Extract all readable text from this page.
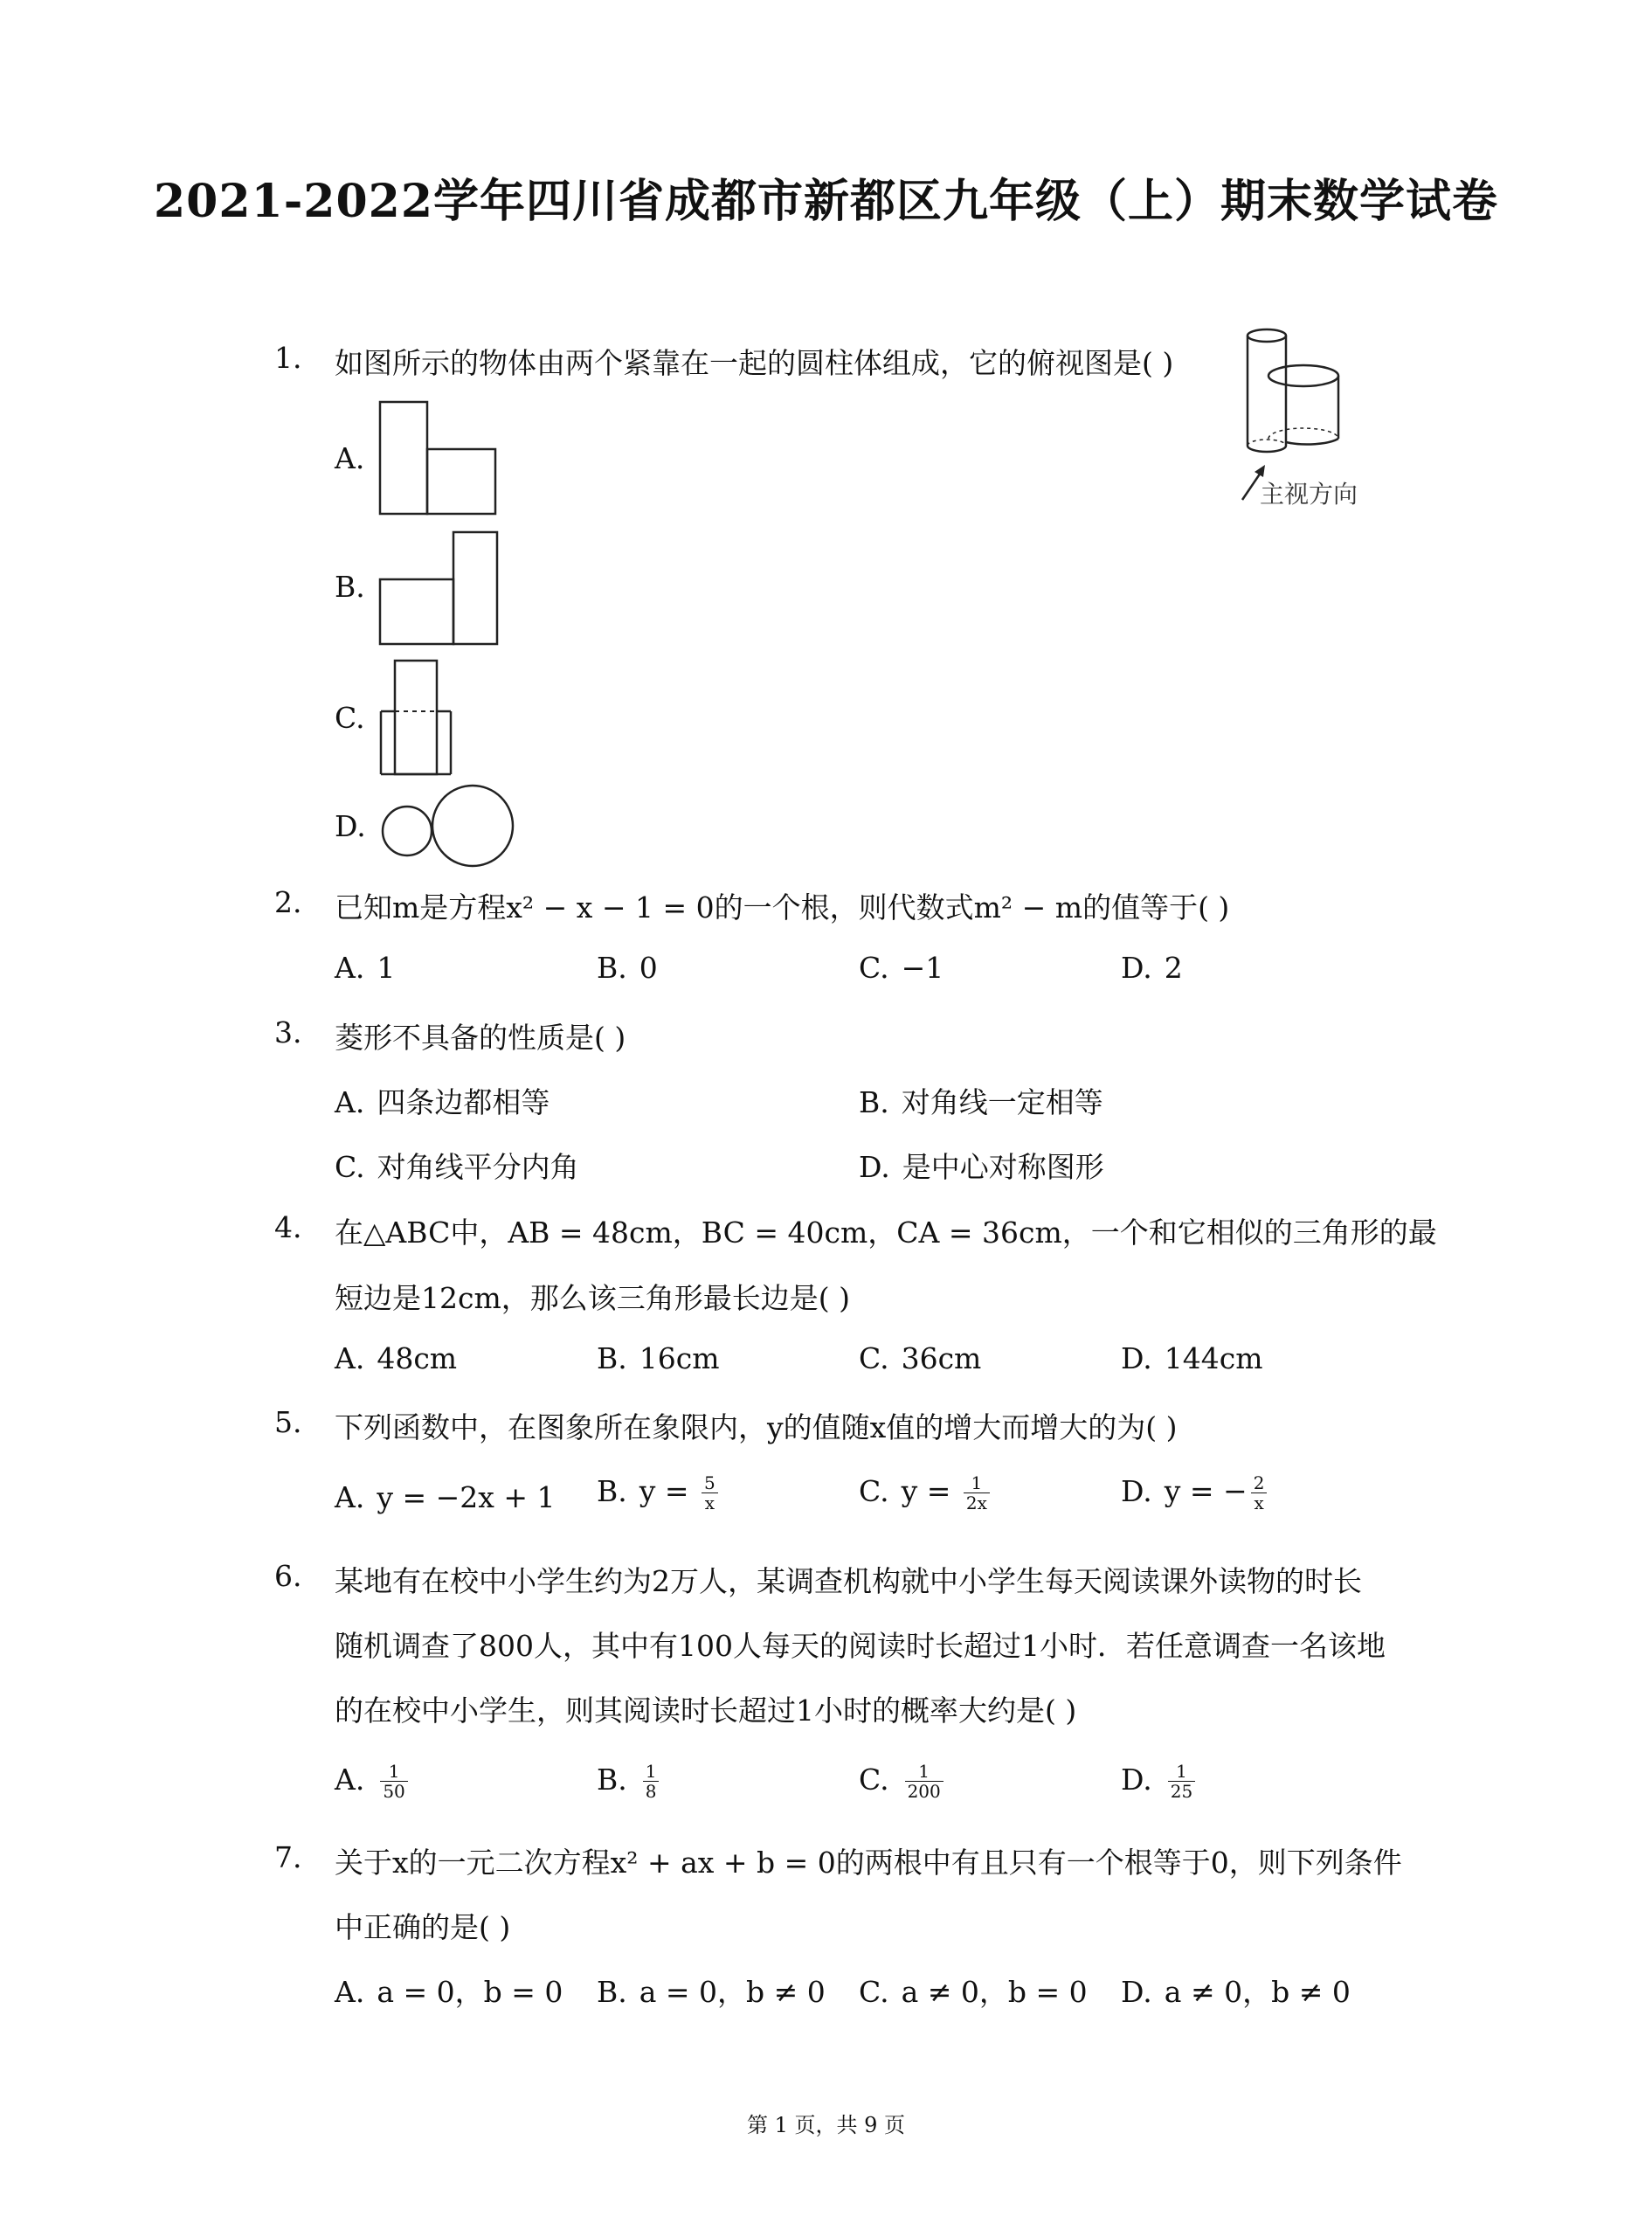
2021-2022学年四川省成都市新都区九年级（上）期末数学试卷
1. 如图所示的物体由两个紧靠在一起的圆柱体组成，它的俯视图是( )
主视方向
A.
B.
C.
D.
2. 已知m是方程x² − x − 1 = 0的一个根，则代数式m² − m的值等于( )
A. 1	B. 0	C. −1	D. 2
3. 菱形不具备的性质是( )
A. 四条边都相等	B. 对角线一定相等
C. 对角线平分内角	D. 是中心对称图形
4. 在△ABC中，AB = 48cm，BC = 40cm，CA = 36cm，一个和它相似的三角形的最
短边是12cm，那么该三角形最长边是( )
A. 48cm	B. 16cm	C. 36cm	D. 144cm
5. 下列函数中，在图象所在象限内，y的值随x值的增大而增大的为( )
A. y = −2x + 1 B. $y = \frac{5}{x}$	C. $y = \frac{1}{2x}$	D. y = − $\frac{2}{x}$
6. 某地有在校中小学生约为2万人，某调查机构就中小学生每天阅读课外读物的时长
随机调查了800人，其中有100人每天的阅读时长超过1小时．若任意调查一名该地
的在校中小学生，则其阅读时长超过1小时的概率大约是( )
A. $\frac{1}{50}$	B. $\frac{1}{8}$	C. $\frac{1}{200}$	D. $\frac{1}{25}$
7. 关于x的一元二次方程x² + ax + b = 0的两根中有且只有一个根等于0，则下列条件
中正确的是( )
A. a = 0，b = 0 B. a = 0，b ≠ 0 C. a ≠ 0，b = 0 D. a ≠ 0，b ≠ 0
第 1 页，共 9 页
